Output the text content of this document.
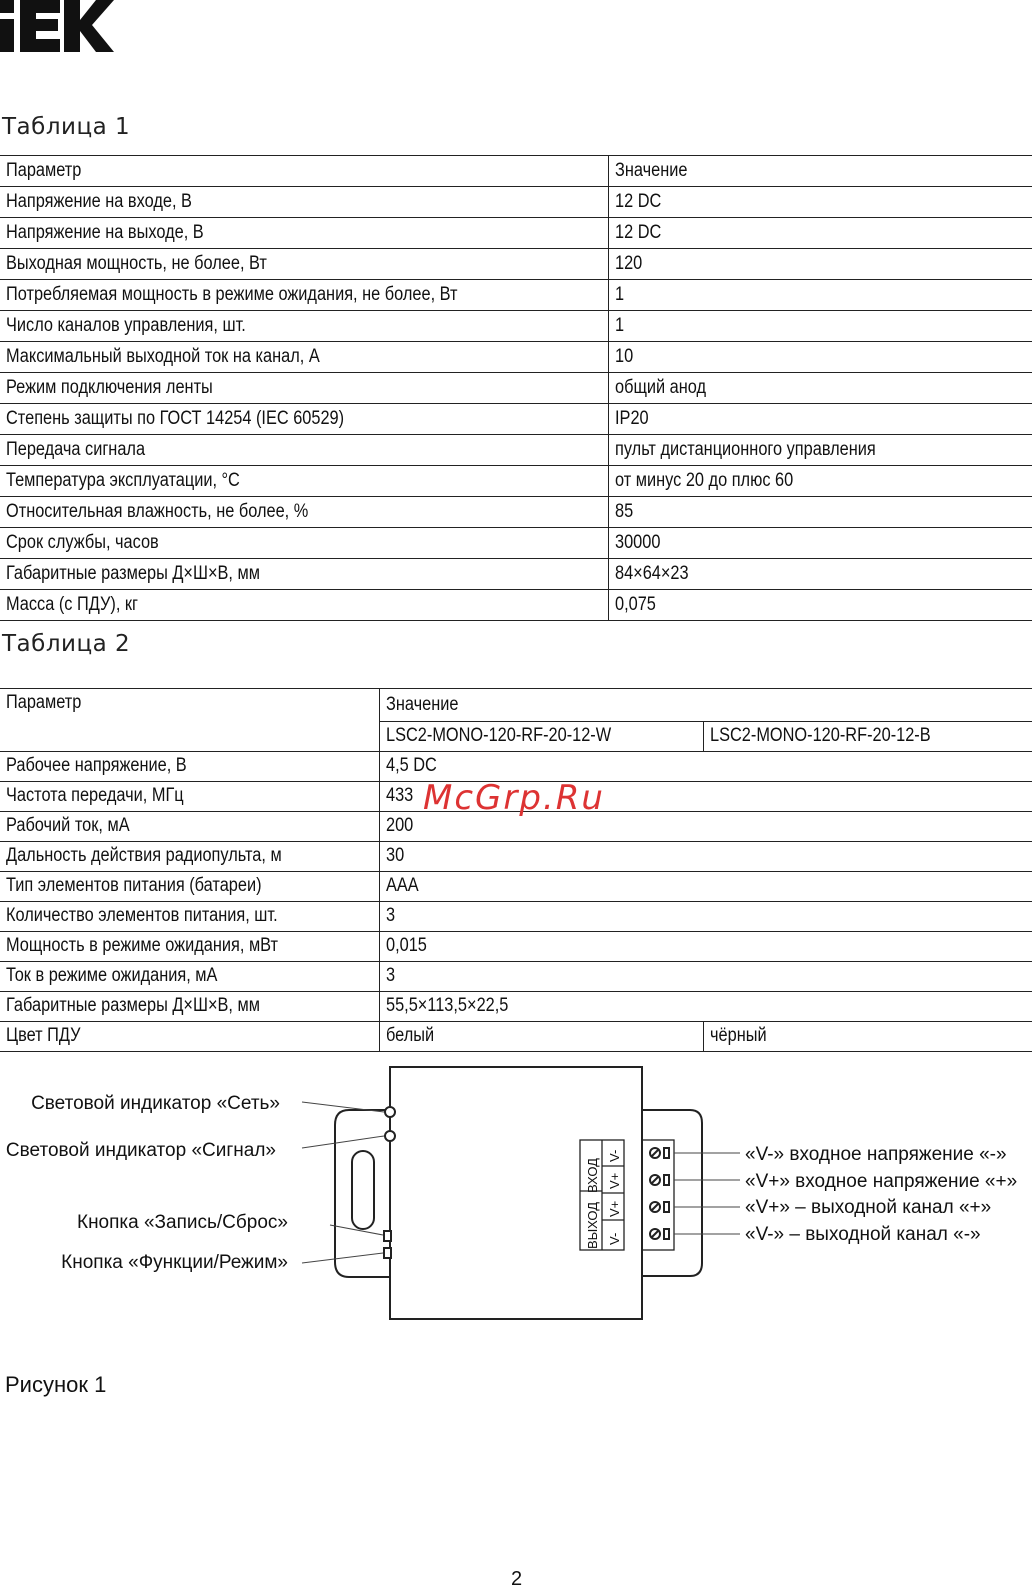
Таблица 1
Параметр	Значение
Напряжение на входе, В	12 DC
Напряжение на выходе, В	12 DC
Выходная мощность, не более, Вт	120
Потребляемая мощность в режиме ожидания, не более, Вт	1
Число каналов управления, шт.	1
Максимальный выходной ток на канал, А	10
Режим подключения ленты	общий анод
Степень защиты по ГОСТ 14254 (IEC 60529)	IP20
Передача сигнала	пульт дистанционного управления
Температура эксплуатации, °С	от минус 20 до плюс 60
Относительная влажность, не более, %	85
Срок службы, часов	30000
Габаритные размеры Д×Ш×В, мм	84×64×23
Масса (с ПДУ), кг	0,075
Таблица 2
Параметр	Значение	
	LSC2-MONO-120-RF-20-12-W	LSC2-MONO-120-RF-20-12-B
Рабочее напряжение, В	4,5 DC	
Частота передачи, МГц	433	
Рабочий ток, мА	200	
Дальность действия радиопульта, м	30	
Тип элементов питания (батареи)	AAA	
Количество элементов питания, шт.	3	
Мощность в режиме ожидания, мВт	0,015	
Ток в режиме ожидания, мА	3	
Габаритные размеры Д×Ш×В, мм	55,5×113,5×22,5	
Цвет ПДУ	белый	чёрный
McGrp.Ru
ВХОД
ВЫХОД
V-
V+
V+
V-
Световой индикатор «Сеть»
Световой индикатор «Сигнал»
Кнопка «Запись/Сброс»
Кнопка «Функции/Режим»
«V-» входное напряжение «-»
«V+» входное напряжение «+»
«V+» – выходной канал «+»
«V-» – выходной канал «-»
Рисунок 1
2
